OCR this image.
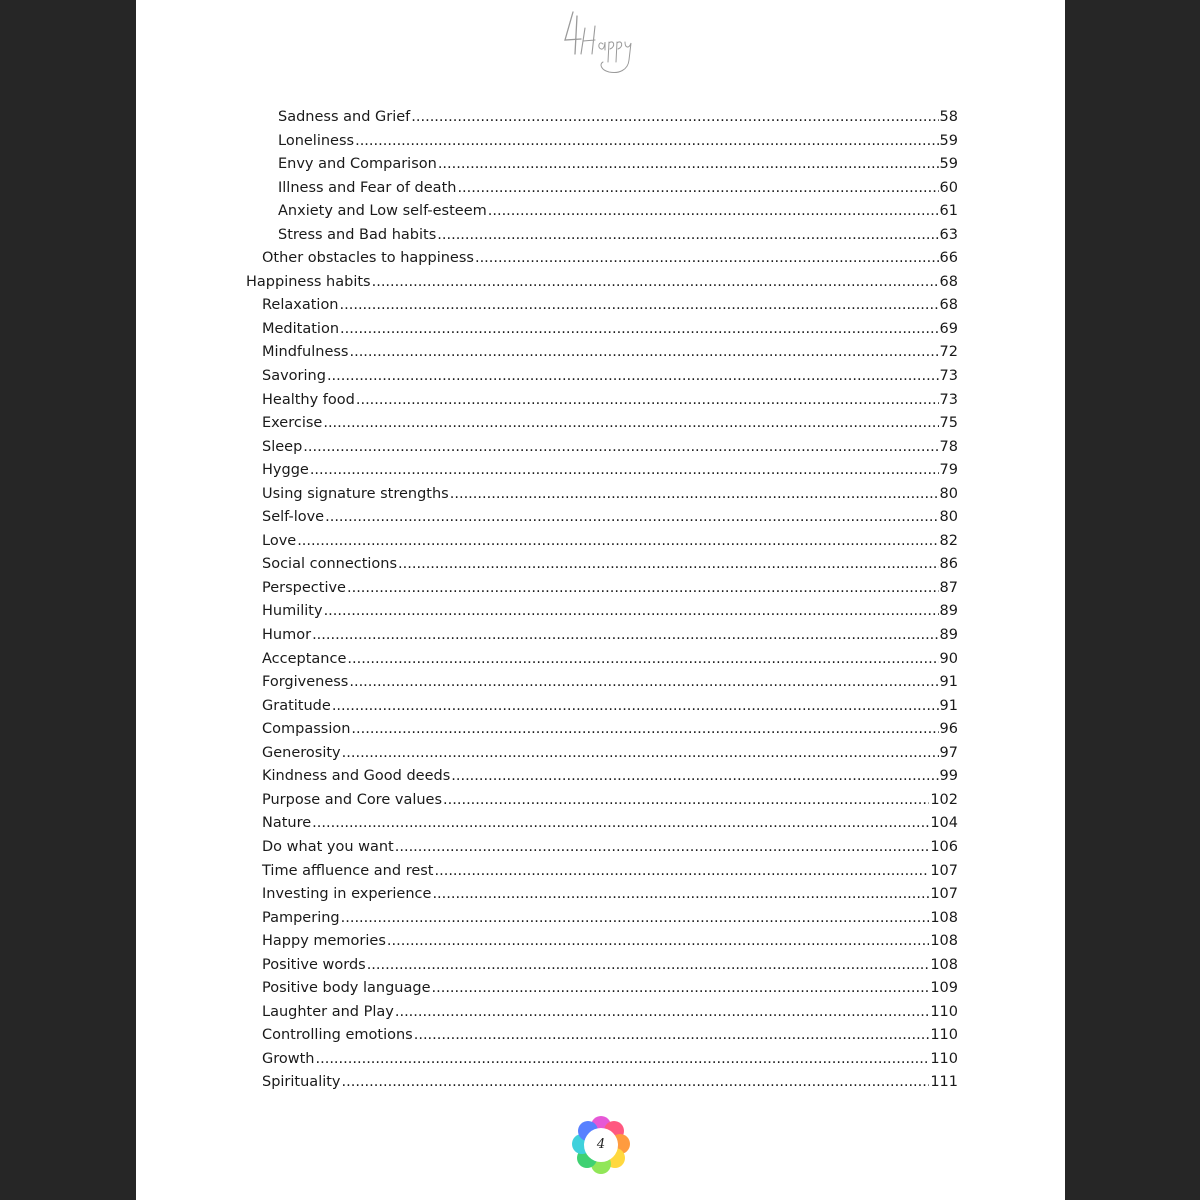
Sadness and Grief .....	58
Loneliness .....	59
Envy and Comparison .....	59
Illness and Fear of death .....	60
Anxiety and Low self-esteem .....	61
Stress and Bad habits .....	63
Other obstacles to happiness .....	66
Happiness habits .....	68
Relaxation .....	68
Meditation .....	69
Mindfulness .....	72
Savoring .....	73
Healthy food .....	73
Exercise .....	75
Sleep .....	78
Hygge .....	79
Using signature strengths .....	80
Self-love .....	80
Love .....	82
Social connections .....	86
Perspective .....	87
Humility .....	89
Humor .....	89
Acceptance .....	90
Forgiveness .....	91
Gratitude .....	91
Compassion .....	96
Generosity .....	97
Kindness and Good deeds .....	99
Purpose and Core values .....	102
Nature .....	104
Do what you want .....	106
Time affluence and rest .....	107
Investing in experience .....	107
Pampering .....	108
Happy memories .....	108
Positive words .....	108
Positive body language .....	109
Laughter and Play .....	110
Controlling emotions .....	110
Growth .....	110
Spirituality .....	111
4
